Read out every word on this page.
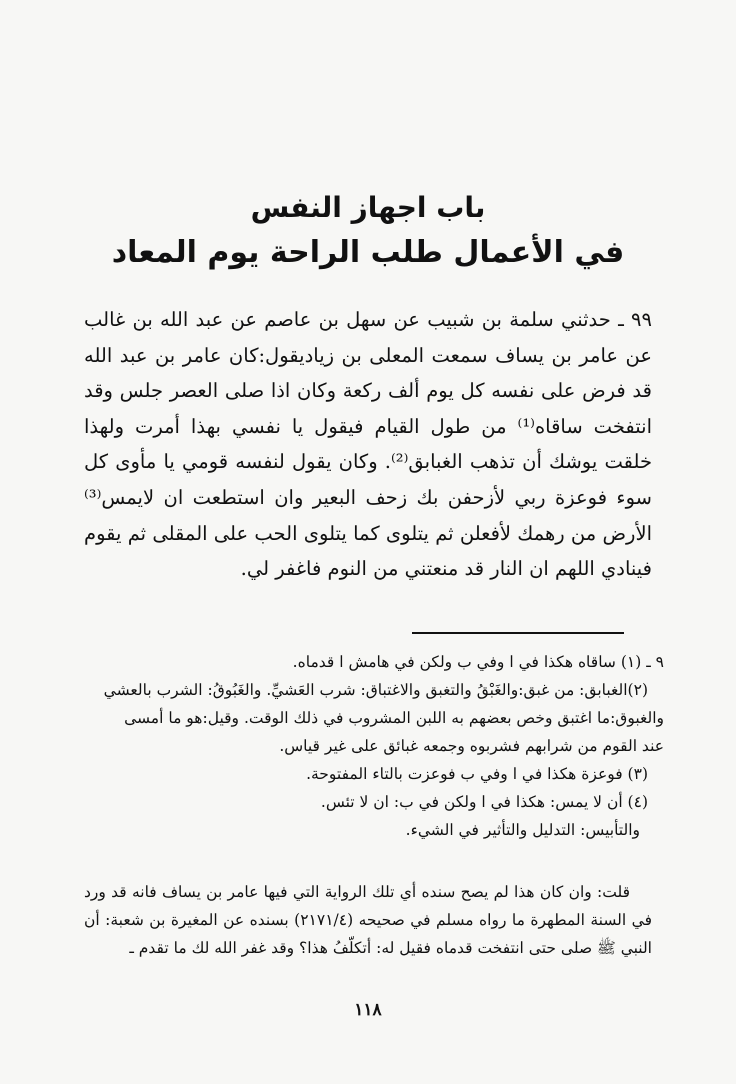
باب اجهاز النفس
في الأعمال طلب الراحة يوم المعاد

٩٩ ـ حدثني سلمة بن شبيب عن سهل بن عاصم عن عبد الله بن غالب عن عامر بن يساف سمعت المعلى بن زياديقول:كان عامر بن عبد الله قد فرض على نفسه كل يوم ألف ركعة وكان اذا صلى العصر جلس وقد انتفخت ساقاه⁽¹⁾ من طول القيام فيقول يا نفسي بهذا أمرت ولهذا خلقت يوشك أن تذهب الغبابق⁽²⁾. وكان يقول لنفسه قومي يا مأوى كل سوء فوعزة ربي لأزحفن بك زحف البعير وان استطعت ان لايمس⁽³⁾ الأرض من رهمك لأفعلن ثم يتلوى كما يتلوى الحب على المقلى ثم يقوم فينادي اللهم ان النار قد منعتني من النوم فاغفر لي.

٩ ـ (١) ساقاه هكذا في ا وفي ب ولكن في هامش ا قدماه.

(٢)الغبابق: من غبق:والغَبْقُ والتغبق والاغتباق: شرب العَشيِّ. والغَبُوقُ: الشرب بالعشي

والغبوق:ما اغتبق وخص بعضهم به اللبن المشروب في ذلك الوقت. وقيل:هو ما أمسى

عند القوم من شرابهم فشربوه وجمعه غبائق على غير قياس.

(٣) فوعزة هكذا في ا وفي ب فوعزت بالتاء المفتوحة.

(٤) أن لا يمس: هكذا في ا ولكن في ب: ان لا تئس.

والتأبيس: التدليل والتأثير في الشيء.

قلت: وان كان هذا لم يصح سنده أي تلك الرواية التي فيها عامر بن يساف فانه قد ورد في السنة المطهرة ما رواه مسلم في صحيحه (٢١٧١/٤) بسنده عن المغيرة بن شعبة: أن النبي ﷺ صلى حتى انتفخت قدماه فقيل له: أتكلّفُ هذا؟ وقد غفر الله لك ما تقدم ـ

١١٨
